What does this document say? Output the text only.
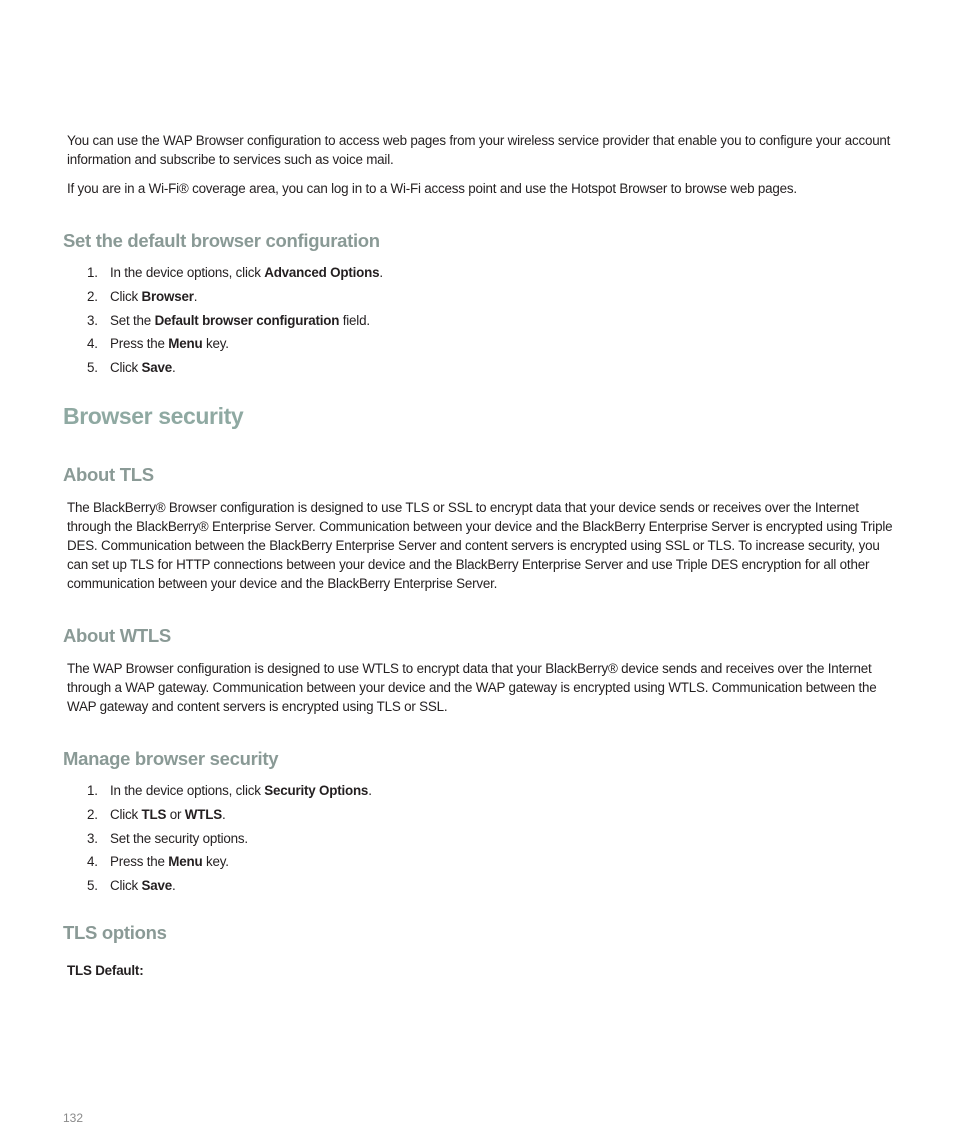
You can use the WAP Browser configuration to access web pages from your wireless service provider that enable you to configure your account information and subscribe to services such as voice mail.

If you are in a Wi-Fi® coverage area, you can log in to a Wi-Fi access point and use the Hotspot Browser to browse web pages.

Set the default browser configuration
1. In the device options, click Advanced Options.
2. Click Browser.
3. Set the Default browser configuration field.
4. Press the Menu key.
5. Click Save.
Browser security
About TLS

The BlackBerry® Browser configuration is designed to use TLS or SSL to encrypt data that your device sends or receives over the Internet through the BlackBerry® Enterprise Server. Communication between your device and the BlackBerry Enterprise Server is encrypted using Triple DES. Communication between the BlackBerry Enterprise Server and content servers is encrypted using SSL or TLS. To increase security, you can set up TLS for HTTP connections between your device and the BlackBerry Enterprise Server and use Triple DES encryption for all other communication between your device and the BlackBerry Enterprise Server.

About WTLS

The WAP Browser configuration is designed to use WTLS to encrypt data that your BlackBerry® device sends and receives over the Internet through a WAP gateway. Communication between your device and the WAP gateway is encrypted using WTLS. Communication between the WAP gateway and content servers is encrypted using TLS or SSL.

Manage browser security
1. In the device options, click Security Options.
2. Click TLS or WTLS.
3. Set the security options.
4. Press the Menu key.
5. Click Save.
TLS options

TLS Default:

132
